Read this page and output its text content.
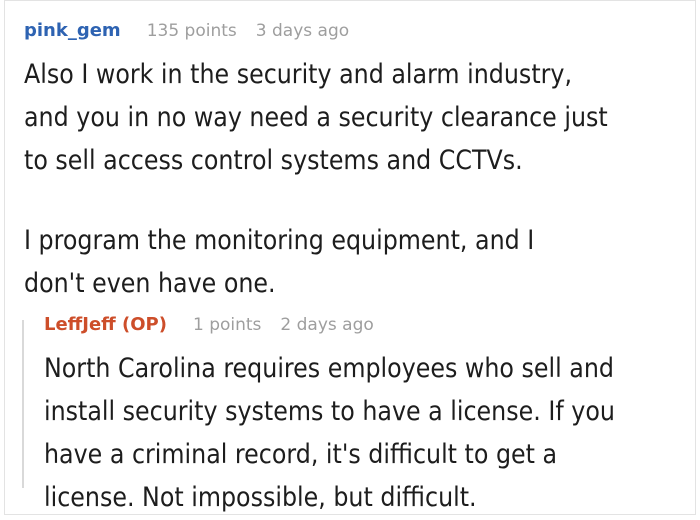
pink_gem 135 points 3 days ago
Also I work in the security and alarm industry,
and you in no way need a security clearance just
to sell access control systems and CCTVs.
I program the monitoring equipment, and I
don't even have one.
LeffJeff (OP) 1 points 2 days ago
North Carolina requires employees who sell and
install security systems to have a license. If you
have a criminal record, it's difficult to get a
license. Not impossible, but difficult.
